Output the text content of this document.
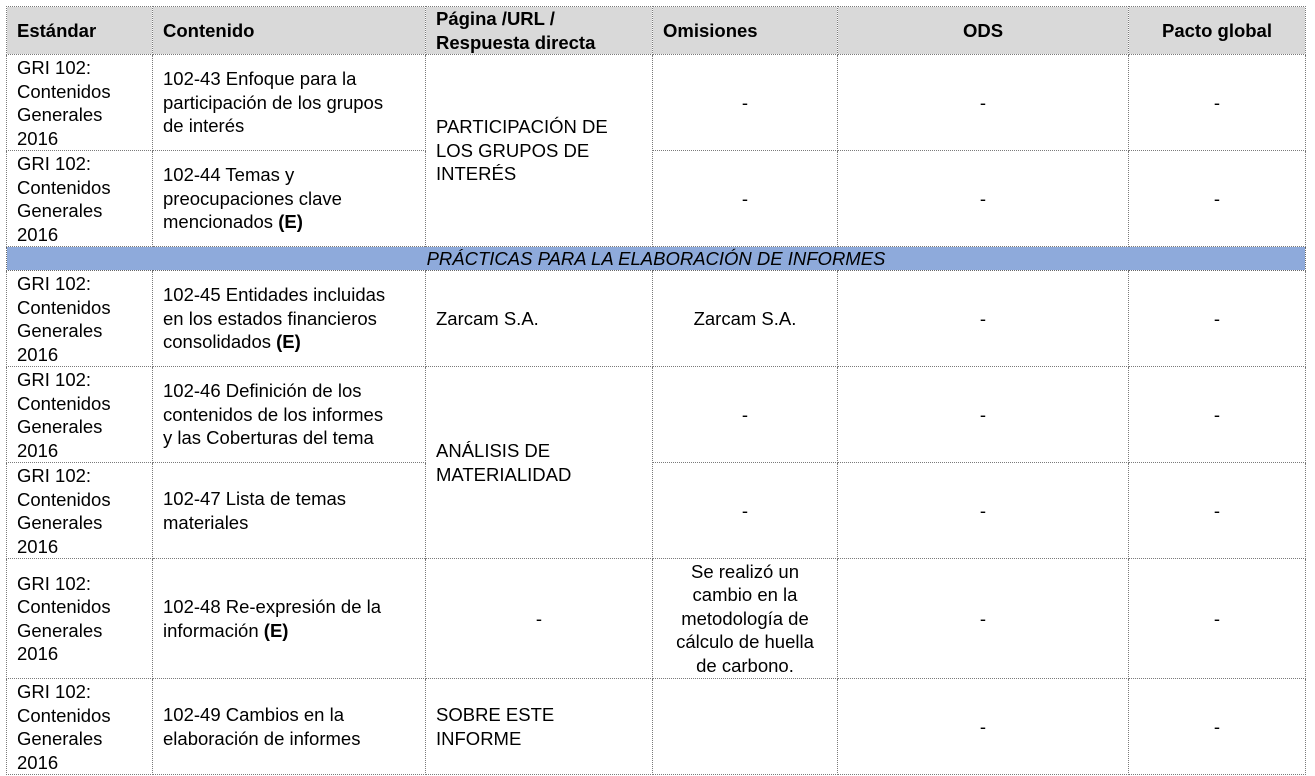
Estándar	Contenido	Página /URL /
Respuesta directa	Omisiones	ODS	Pacto global
GRI 102:
Contenidos
Generales
2016	102-43 Enfoque para la
participación de los grupos
de interés	PARTICIPACIÓN DE
LOS GRUPOS DE
INTERÉS	-	-	-
GRI 102:
Contenidos
Generales
2016	102-44 Temas y
preocupaciones clave
mencionados (E)		-	-	-
PRÁCTICAS PARA LA ELABORACIÓN DE INFORMES					
GRI 102:
Contenidos
Generales
2016	102-45 Entidades incluidas
en los estados financieros
consolidados (E)	Zarcam S.A.	Zarcam S.A.	-	-
GRI 102:
Contenidos
Generales
2016	102-46 Definición de los
contenidos de los informes
y las Coberturas del tema	ANÁLISIS DE
MATERIALIDAD	-	-	-
GRI 102:
Contenidos
Generales
2016	102-47 Lista de temas
materiales		-	-	-
GRI 102:
Contenidos
Generales
2016	102-48 Re-expresión de la
información (E)	-	Se realizó un
cambio en la
metodología de
cálculo de huella
de carbono.	-	-
GRI 102:
Contenidos
Generales
2016	102-49 Cambios en la
elaboración de informes	SOBRE ESTE
INFORME		-	-
